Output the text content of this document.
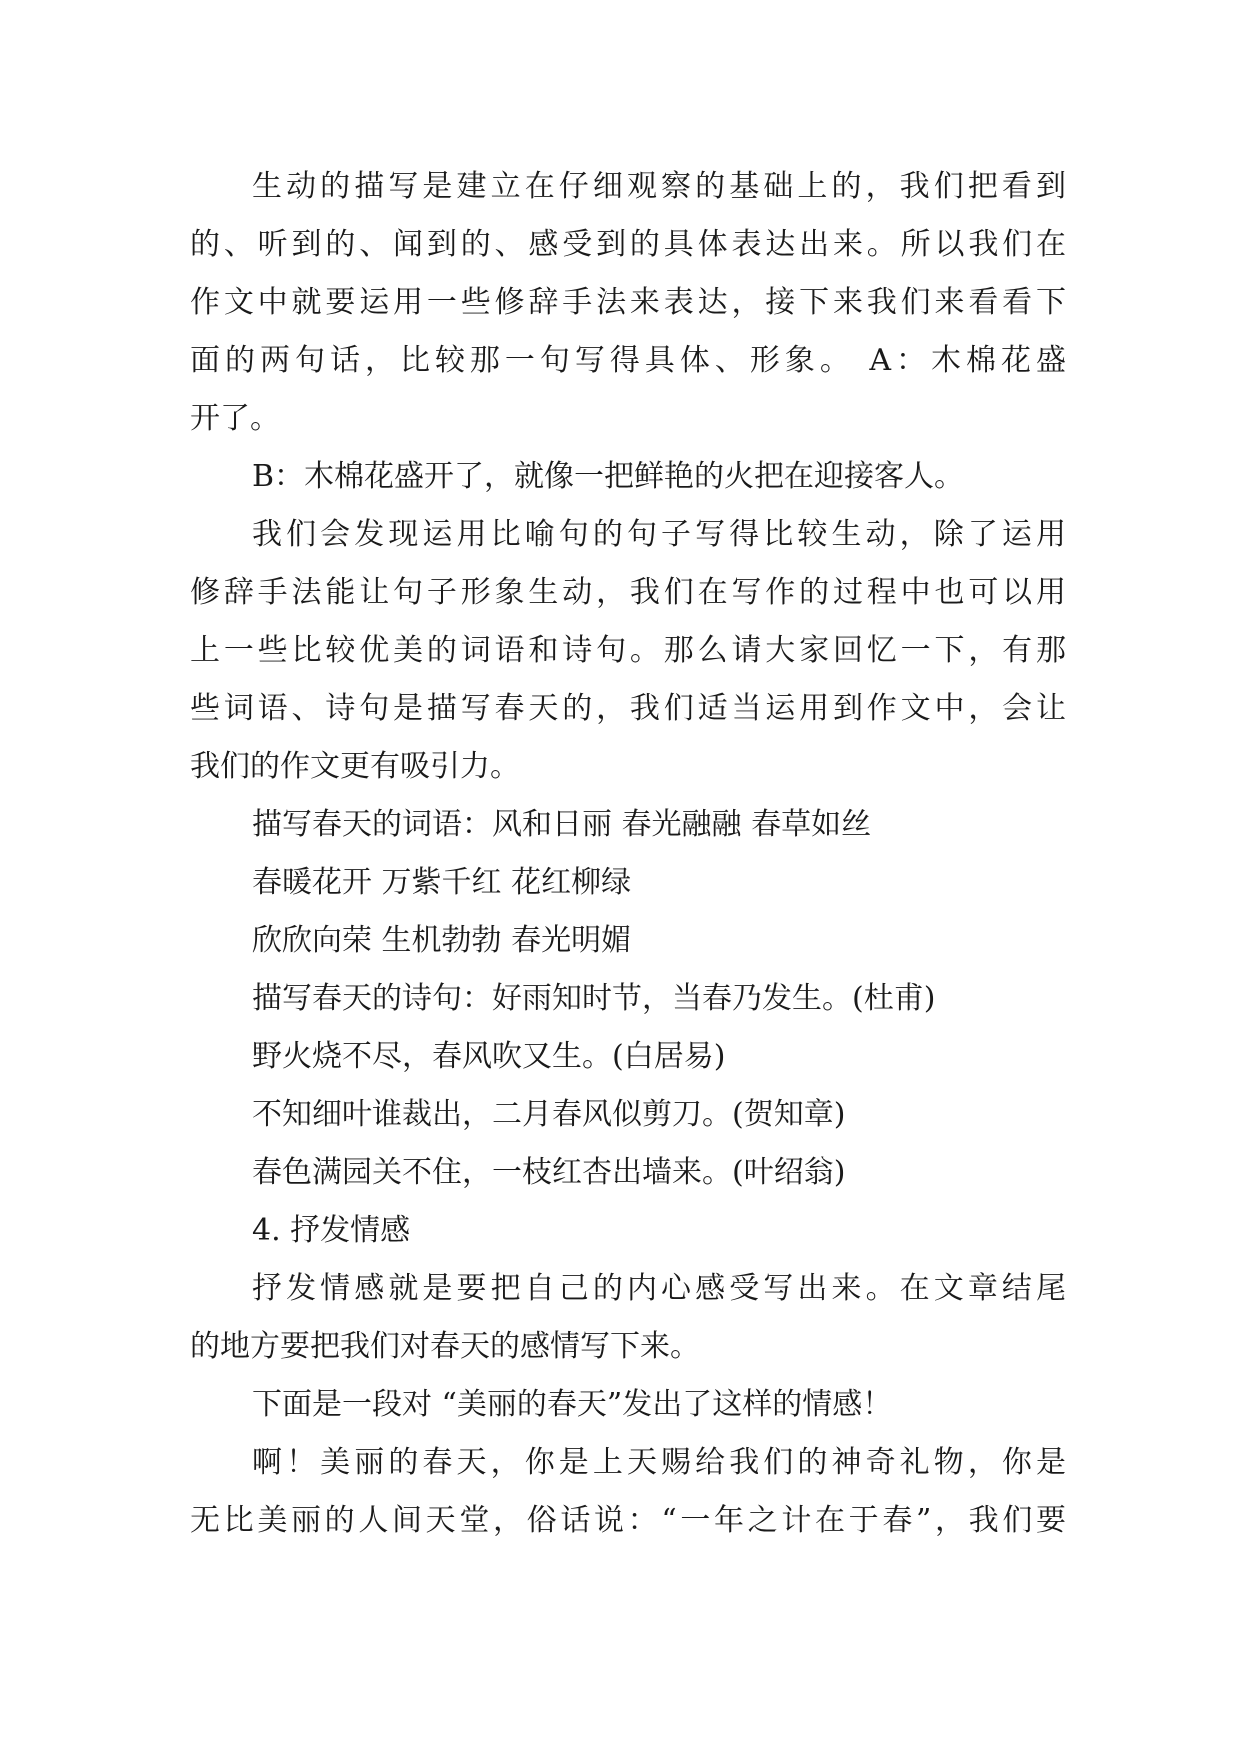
生动的描写是建立在仔细观察的基础上的，我们把看到
的、听到的、闻到的、感受到的具体表达出来。所以我们在
作文中就要运用一些修辞手法来表达，接下来我们来看看下
面的两句话，比较那一句写得具体、形象。 A：木棉花盛
开了。
B：木棉花盛开了，就像一把鲜艳的火把在迎接客人。
我们会发现运用比喻句的句子写得比较生动，除了运用
修辞手法能让句子形象生动，我们在写作的过程中也可以用
上一些比较优美的词语和诗句。那么请大家回忆一下，有那
些词语、诗句是描写春天的，我们适当运用到作文中，会让
我们的作文更有吸引力。
描写春天的词语：风和日丽 春光融融 春草如丝
春暖花开 万紫千红 花红柳绿
欣欣向荣 生机勃勃 春光明媚
描写春天的诗句：好雨知时节，当春乃发生。(杜甫)
野火烧不尽，春风吹又生。(白居易)
不知细叶谁裁出，二月春风似剪刀。(贺知章)
春色满园关不住，一枝红杏出墙来。(叶绍翁)
4. 抒发情感
抒发情感就是要把自己的内心感受写出来。在文章结尾
的地方要把我们对春天的感情写下来。
下面是一段对 “美丽的春天”发出了这样的情感！
啊！美丽的春天，你是上天赐给我们的神奇礼物，你是
无比美丽的人间天堂，俗话说：“一年之计在于春”，我们要
